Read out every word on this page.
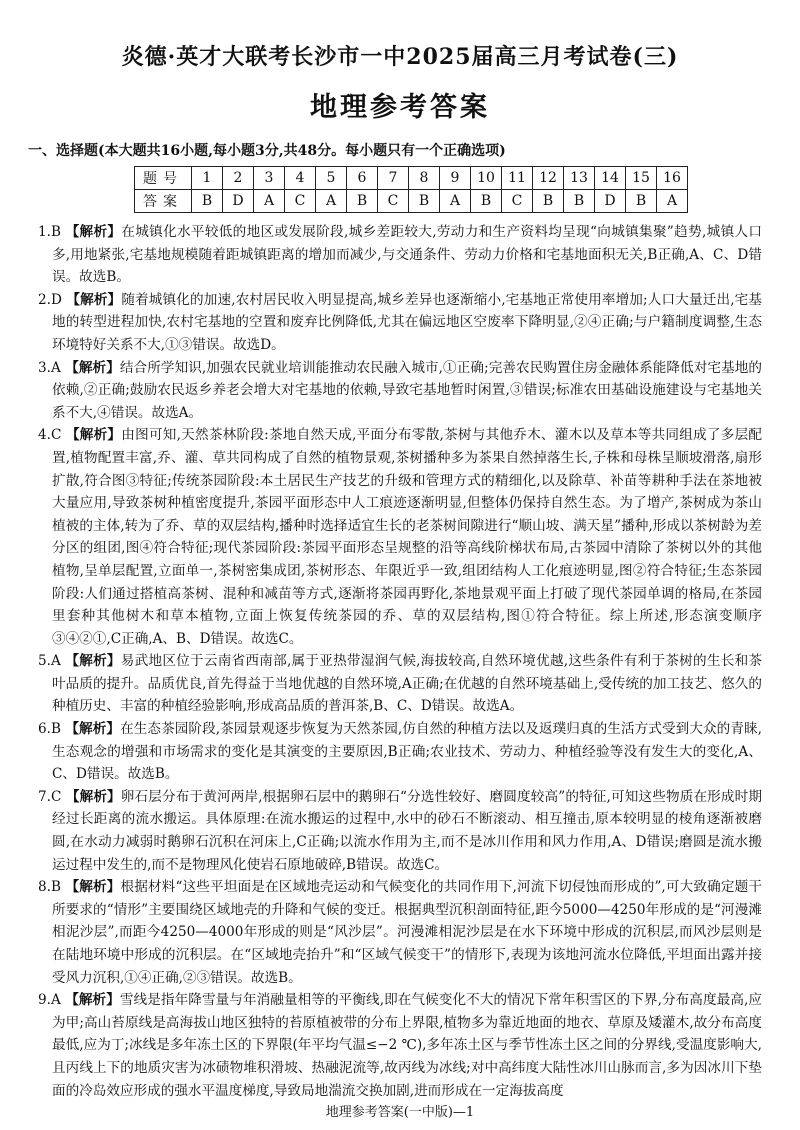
炎德·英才大联考长沙市一中2025届高三月考试卷(三)
地理参考答案
一、选择题(本大题共16小题,每小题3分,共48分。每小题只有一个正确选项)
题号	1	2	3	4	5	6	7	8	9	10	11	12	13	14	15	16
答案	B	D	A	C	A	B	C	B	A	B	C	B	B	D	B	A

1.B 【解析】在城镇化水平较低的地区或发展阶段,城乡差距较大,劳动力和生产资料均呈现“向城镇集聚”趋势,城镇人口多,用地紧张,宅基地规模随着距城镇距离的增加而减少,与交通条件、劳动力价格和宅基地面积无关,B正确,A、C、D错误。故选B。

2.D 【解析】随着城镇化的加速,农村居民收入明显提高,城乡差异也逐渐缩小,宅基地正常使用率增加;人口大量迁出,宅基地的转型进程加快,农村宅基地的空置和废弃比例降低,尤其在偏远地区空废率下降明显,②④正确;与户籍制度调整,生态环境特好关系不大,①③错误。故选D。

3.A 【解析】结合所学知识,加强农民就业培训能推动农民融入城市,①正确;完善农民购置住房金融体系能降低对宅基地的依赖,②正确;鼓励农民返乡养老会增大对宅基地的依赖,导致宅基地暂时闲置,③错误;标准农田基础设施建设与宅基地关系不大,④错误。故选A。

4.C 【解析】由图可知,天然茶林阶段:茶地自然天成,平面分布零散,茶树与其他乔木、灌木以及草本等共同组成了多层配置,植物配置丰富,乔、灌、草共同构成了自然的植物景观,茶树播种多为茶果自然掉落生长,子株和母株呈顺坡滑落,扇形扩散,符合图③特征;传统茶园阶段:本土居民生产技艺的升级和管理方式的精细化,以及除草、补苗等耕种手法在茶地被大量应用,导致茶树种植密度提升,茶园平面形态中人工痕迹逐渐明显,但整体仍保持自然生态。为了增产,茶树成为茶山植被的主体,转为了乔、草的双层结构,播种时选择适宜生长的老茶树间隙进行“顺山坡、满天星”播种,形成以茶树龄为差分区的组团,图④符合特征;现代茶园阶段:茶园平面形态呈规整的沿等高线阶梯状布局,古茶园中清除了茶树以外的其他植物,呈单层配置,立面单一,茶树密集成团,茶树形态、年限近乎一致,组团结构人工化痕迹明显,图②符合特征;生态茶园阶段:人们通过搭植高茶树、混种和减苗等方式,逐渐将茶园再野化,茶地景观平面上打破了现代茶园单调的格局,在茶园里套种其他树木和草本植物,立面上恢复传统茶园的乔、草的双层结构,图①符合特征。综上所述,形态演变顺序③④②①,C正确,A、B、D错误。故选C。

5.A 【解析】易武地区位于云南省西南部,属于亚热带湿润气候,海拔较高,自然环境优越,这些条件有利于茶树的生长和茶叶品质的提升。品质优良,首先得益于当地优越的自然环境,A正确;在优越的自然环境基础上,受传统的加工技艺、悠久的种植历史、丰富的种植经验影响,形成高品质的普洱茶,B、C、D错误。故选A。

6.B 【解析】在生态茶园阶段,茶园景观逐步恢复为天然茶园,仿自然的种植方法以及返璞归真的生活方式受到大众的青睐,生态观念的增强和市场需求的变化是其演变的主要原因,B正确;农业技术、劳动力、种植经验等没有发生大的变化,A、C、D错误。故选B。

7.C 【解析】卵石层分布于黄河两岸,根据卵石层中的鹅卵石“分选性较好、磨圆度较高”的特征,可知这些物质在形成时期经过长距离的流水搬运。具体原理:在流水搬运的过程中,水中的砂石不断滚动、相互撞击,原本较明显的棱角逐渐被磨圆,在水动力减弱时鹅卵石沉积在河床上,C正确;以流水作用为主,而不是冰川作用和风力作用,A、D错误;磨圆是流水搬运过程中发生的,而不是物理风化使岩石原地破碎,B错误。故选C。

8.B 【解析】根据材料“这些平坦面是在区域地壳运动和气候变化的共同作用下,河流下切侵蚀而形成的”,可大致确定题干所要求的“情形”主要围绕区域地壳的升降和气候的变迁。根据典型沉积剖面特征,距今5000—4250年形成的是“河漫滩相泥沙层”,而距今4250—4000年形成的则是“风沙层”。河漫滩相泥沙层是在水下环境中形成的沉积层,而风沙层则是在陆地环境中形成的沉积层。在“区域地壳抬升”和“区域气候变干”的情形下,表现为该地河流水位降低,平坦面出露并接受风力沉积,①④正确,②③错误。故选B。

9.A 【解析】雪线是指年降雪量与年消融量相等的平衡线,即在气候变化不大的情况下常年积雪区的下界,分布高度最高,应为甲;高山苔原线是高海拔山地区独特的苔原植被带的分布上界限,植物多为靠近地面的地衣、草原及矮灌木,故分布高度最低,应为丁;冰线是多年冻土区的下界限(年平均气温≤−2 ℃),多年冻土区与季节性冻土区之间的分界线,受温度影响大,且丙线上下的地质灾害为冰碛物堆积滑坡、热融泥流等,故丙线为冰线;对中高纬度大陆性冰川山脉而言,多为因冰川下垫面的冷岛效应形成的强水平温度梯度,导致局地湍流交换加剧,进而形成在一定海拔高度

地理参考答案(一中版)—1
